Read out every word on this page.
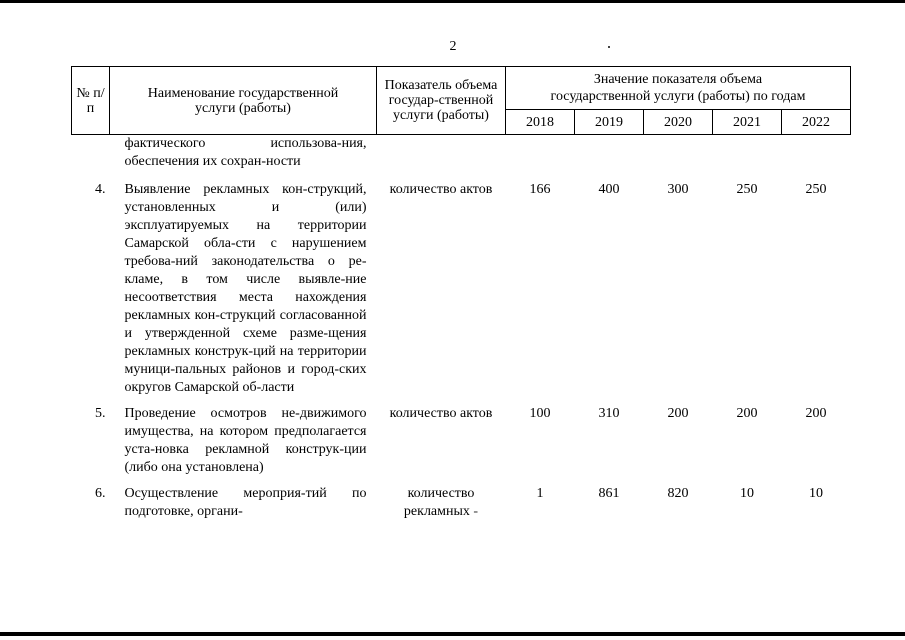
2
№ п/п	Наименование государственной услуги (работы)	Показатель объема государ-ственной услуги (работы)	Значение показателя объема государственной услуги (работы) по годам				
			2018	2019	2020	2021	2022
	фактического использова-ния, обеспечения их сохран-ности						
4.	Выявление рекламных кон-струкций, установленных и (или) эксплуатируемых на территории Самарской обла-сти с нарушением требова-ний законодательства о ре-кламе, в том числе выявле-ние несоответствия места нахождения рекламных кон-струкций согласованной и утвержденной схеме разме-щения рекламных конструк-ций на территории муници-пальных районов и город-ских округов Самарской об-ласти	количество актов	166	400	300	250	250
5.	Проведение осмотров не-движимого имущества, на котором предполагается уста-новка рекламной конструк-ции (либо она установлена)	количество актов	100	310	200	200	200
6.	Осуществление мероприя-тий по подготовке, органи-	количество рекламных -	1	861	820	10	10
